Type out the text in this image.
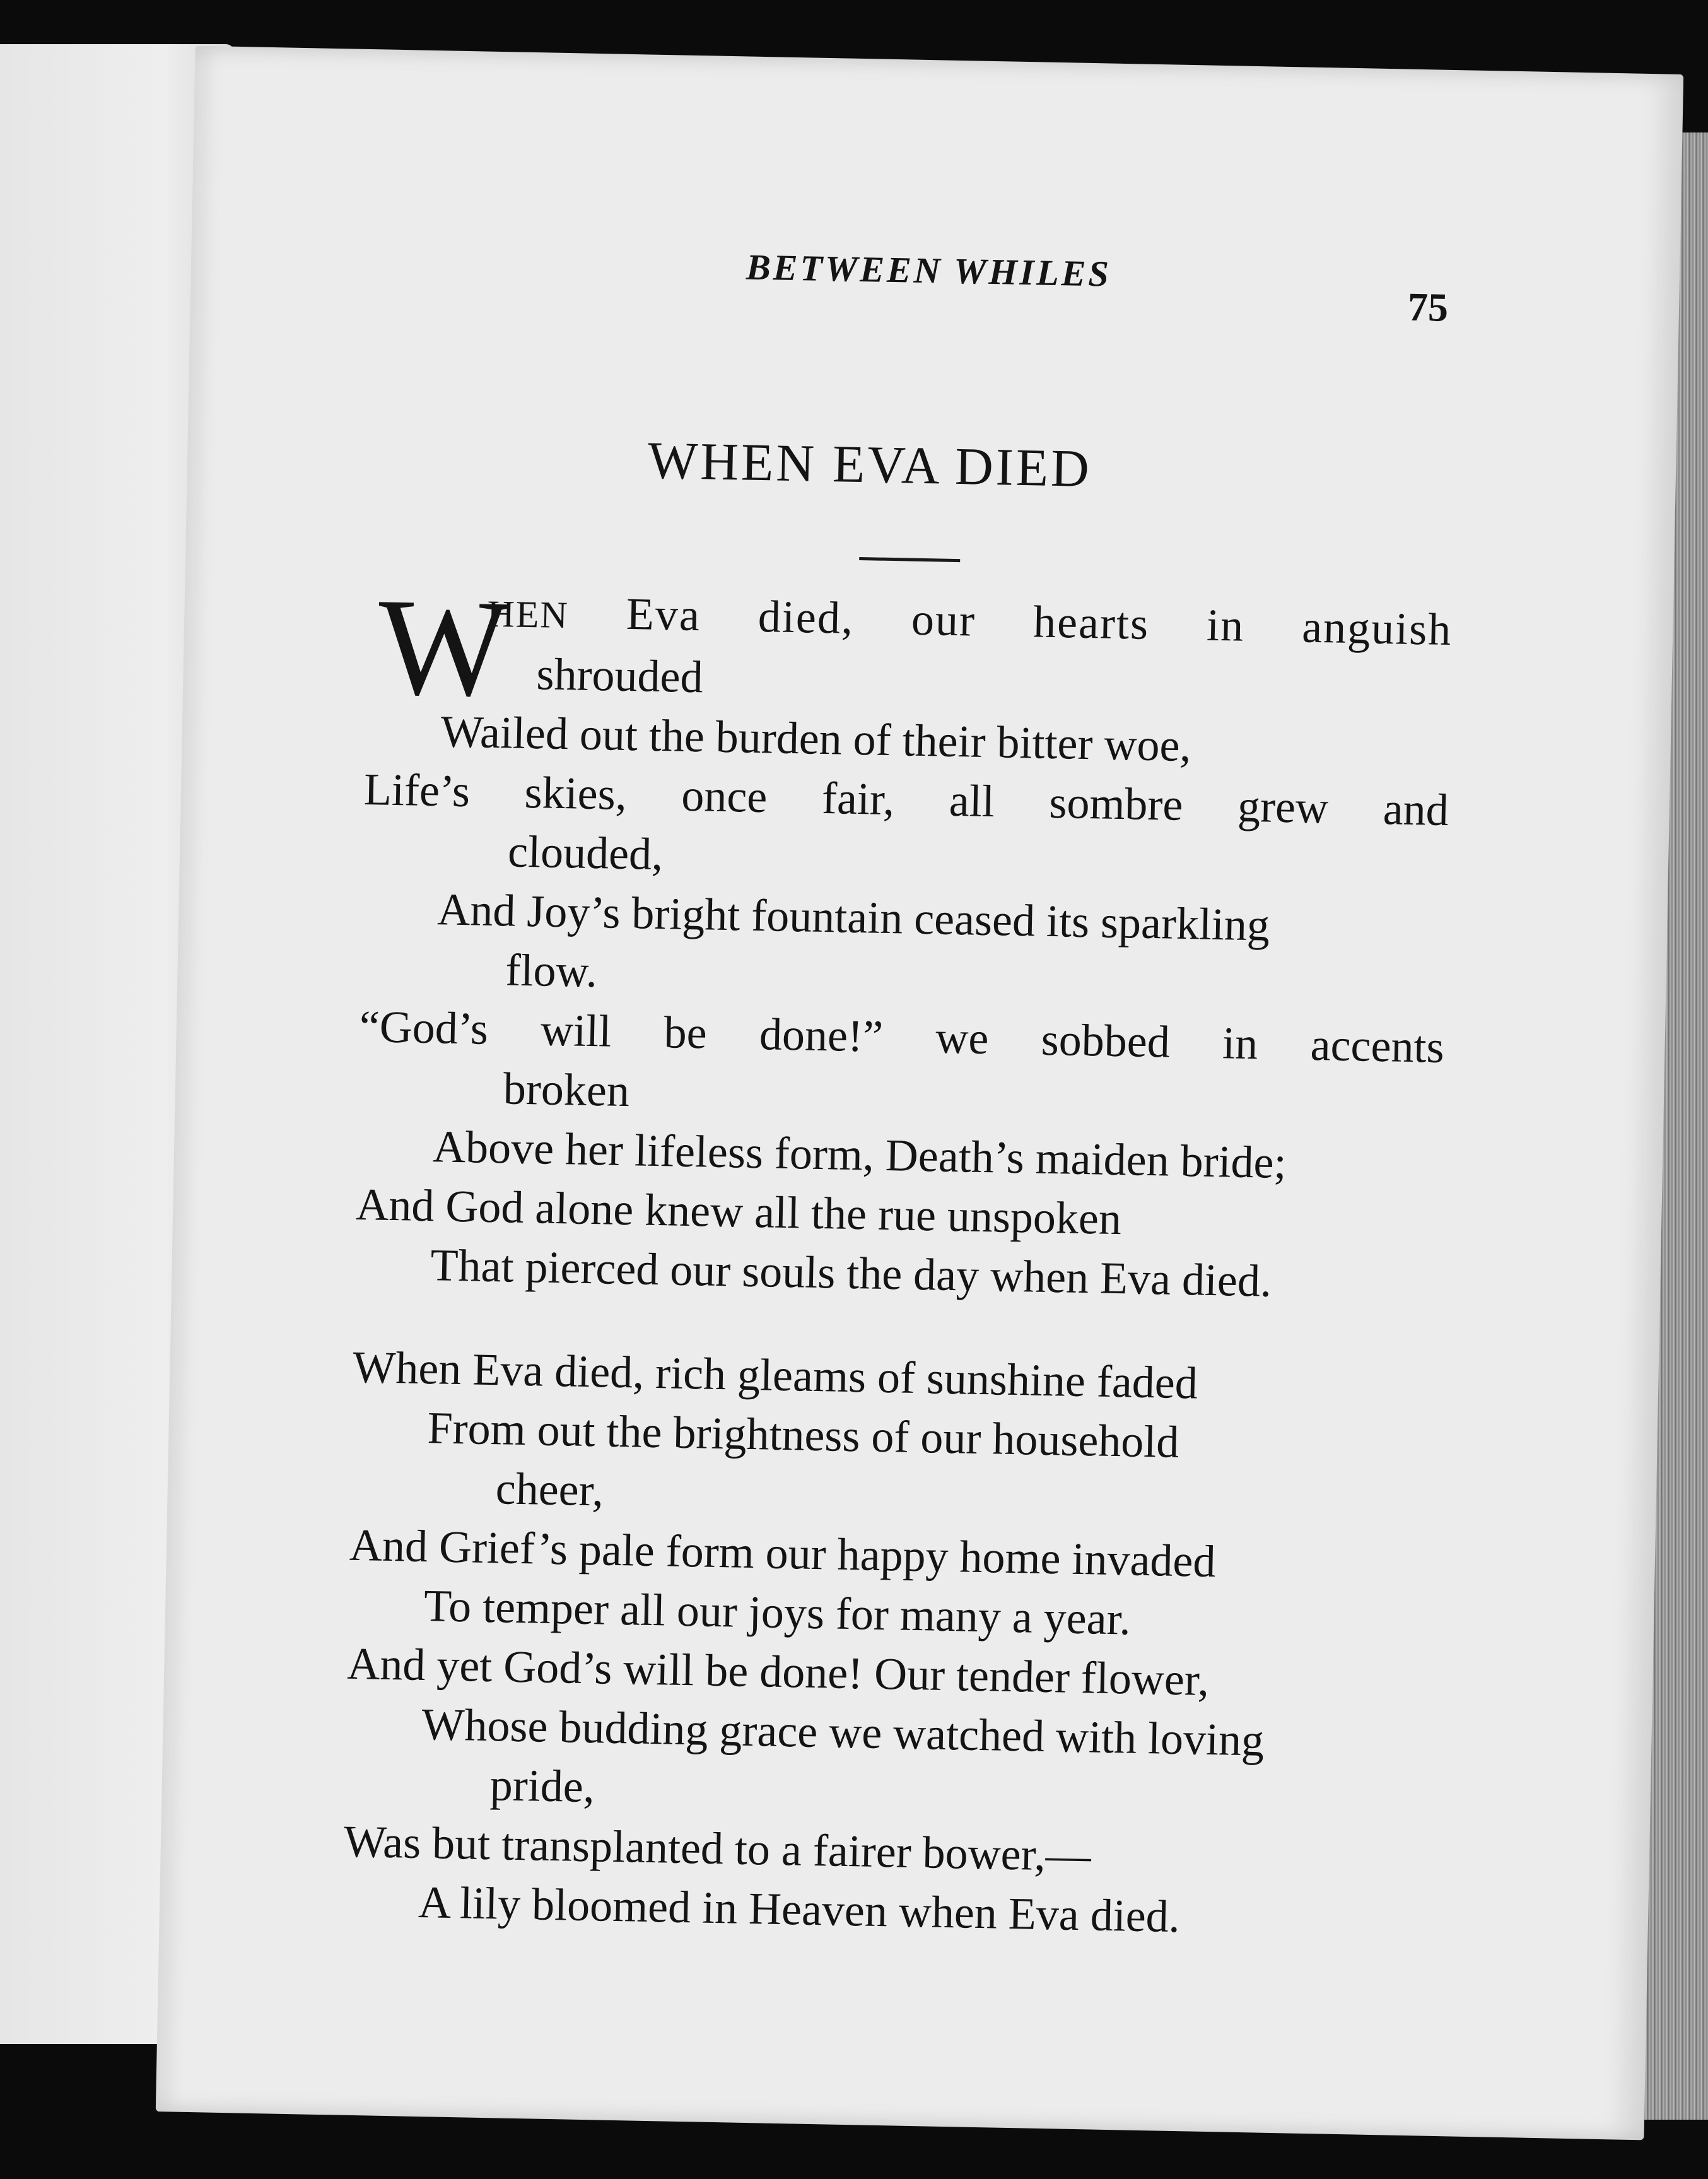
BETWEEN WHILES
75
WHEN EVA DIED
W
HEN Eva died, our hearts in anguish
shrouded
Wailed out the burden of their bitter woe,
Life’s skies, once fair, all sombre grew and
clouded,
And Joy’s bright fountain ceased its sparkling
flow.
“God’s will be done!” we sobbed in accents
broken
Above her lifeless form, Death’s maiden bride;
And God alone knew all the rue unspoken
That pierced our souls the day when Eva died.
When Eva died, rich gleams of sunshine faded
From out the brightness of our household
cheer,
And Grief’s pale form our happy home invaded
To temper all our joys for many a year.
And yet God’s will be done! Our tender flower,
Whose budding grace we watched with loving
pride,
Was but transplanted to a fairer bower,—
A lily bloomed in Heaven when Eva died.
